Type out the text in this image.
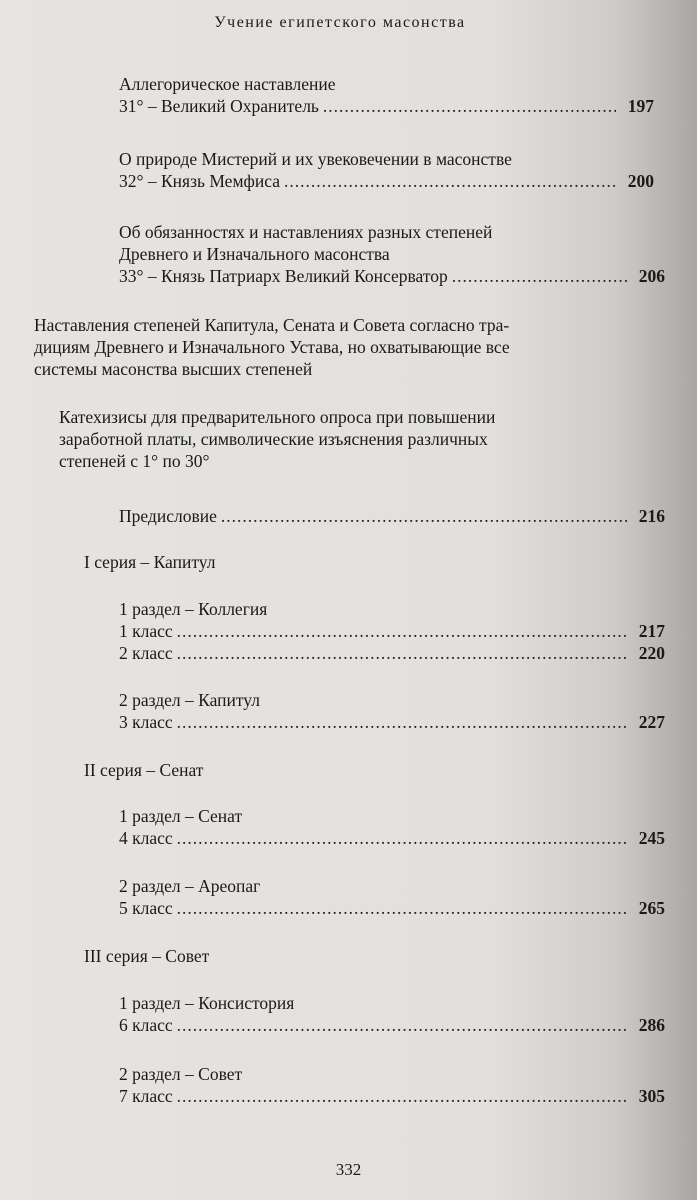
Учение египетского масонства
Аллегорическое наставление
31° – Великий Охранитель .....	197
О природе Мистерий и их увековечении в масонстве
32° – Князь Мемфиса .....	200
Об обязанностях и наставлениях разных степеней
Древнего и Изначального масонства
33° – Князь Патриарх Великий Консерватор .....	206
Наставления степеней Капитула, Сената и Совета согласно тра-
дициям Древнего и Изначального Устава, но охватывающие все
системы масонства высших степеней
Катехизисы для предварительного опроса при повышении
заработной платы, символические изъяснения различных
степеней с 1° по 30°
Предисловие .....	216
I серия – Капитул
1 раздел – Коллегия
1 класс .....	217
2 класс .....	220
2 раздел – Капитул
3 класс .....	227
II серия – Сенат
1 раздел – Сенат
4 класс .....	245
2 раздел – Ареопаг
5 класс .....	265
III серия – Совет
1 раздел – Консистория
6 класс .....	286
2 раздел – Совет
7 класс .....	305
332
